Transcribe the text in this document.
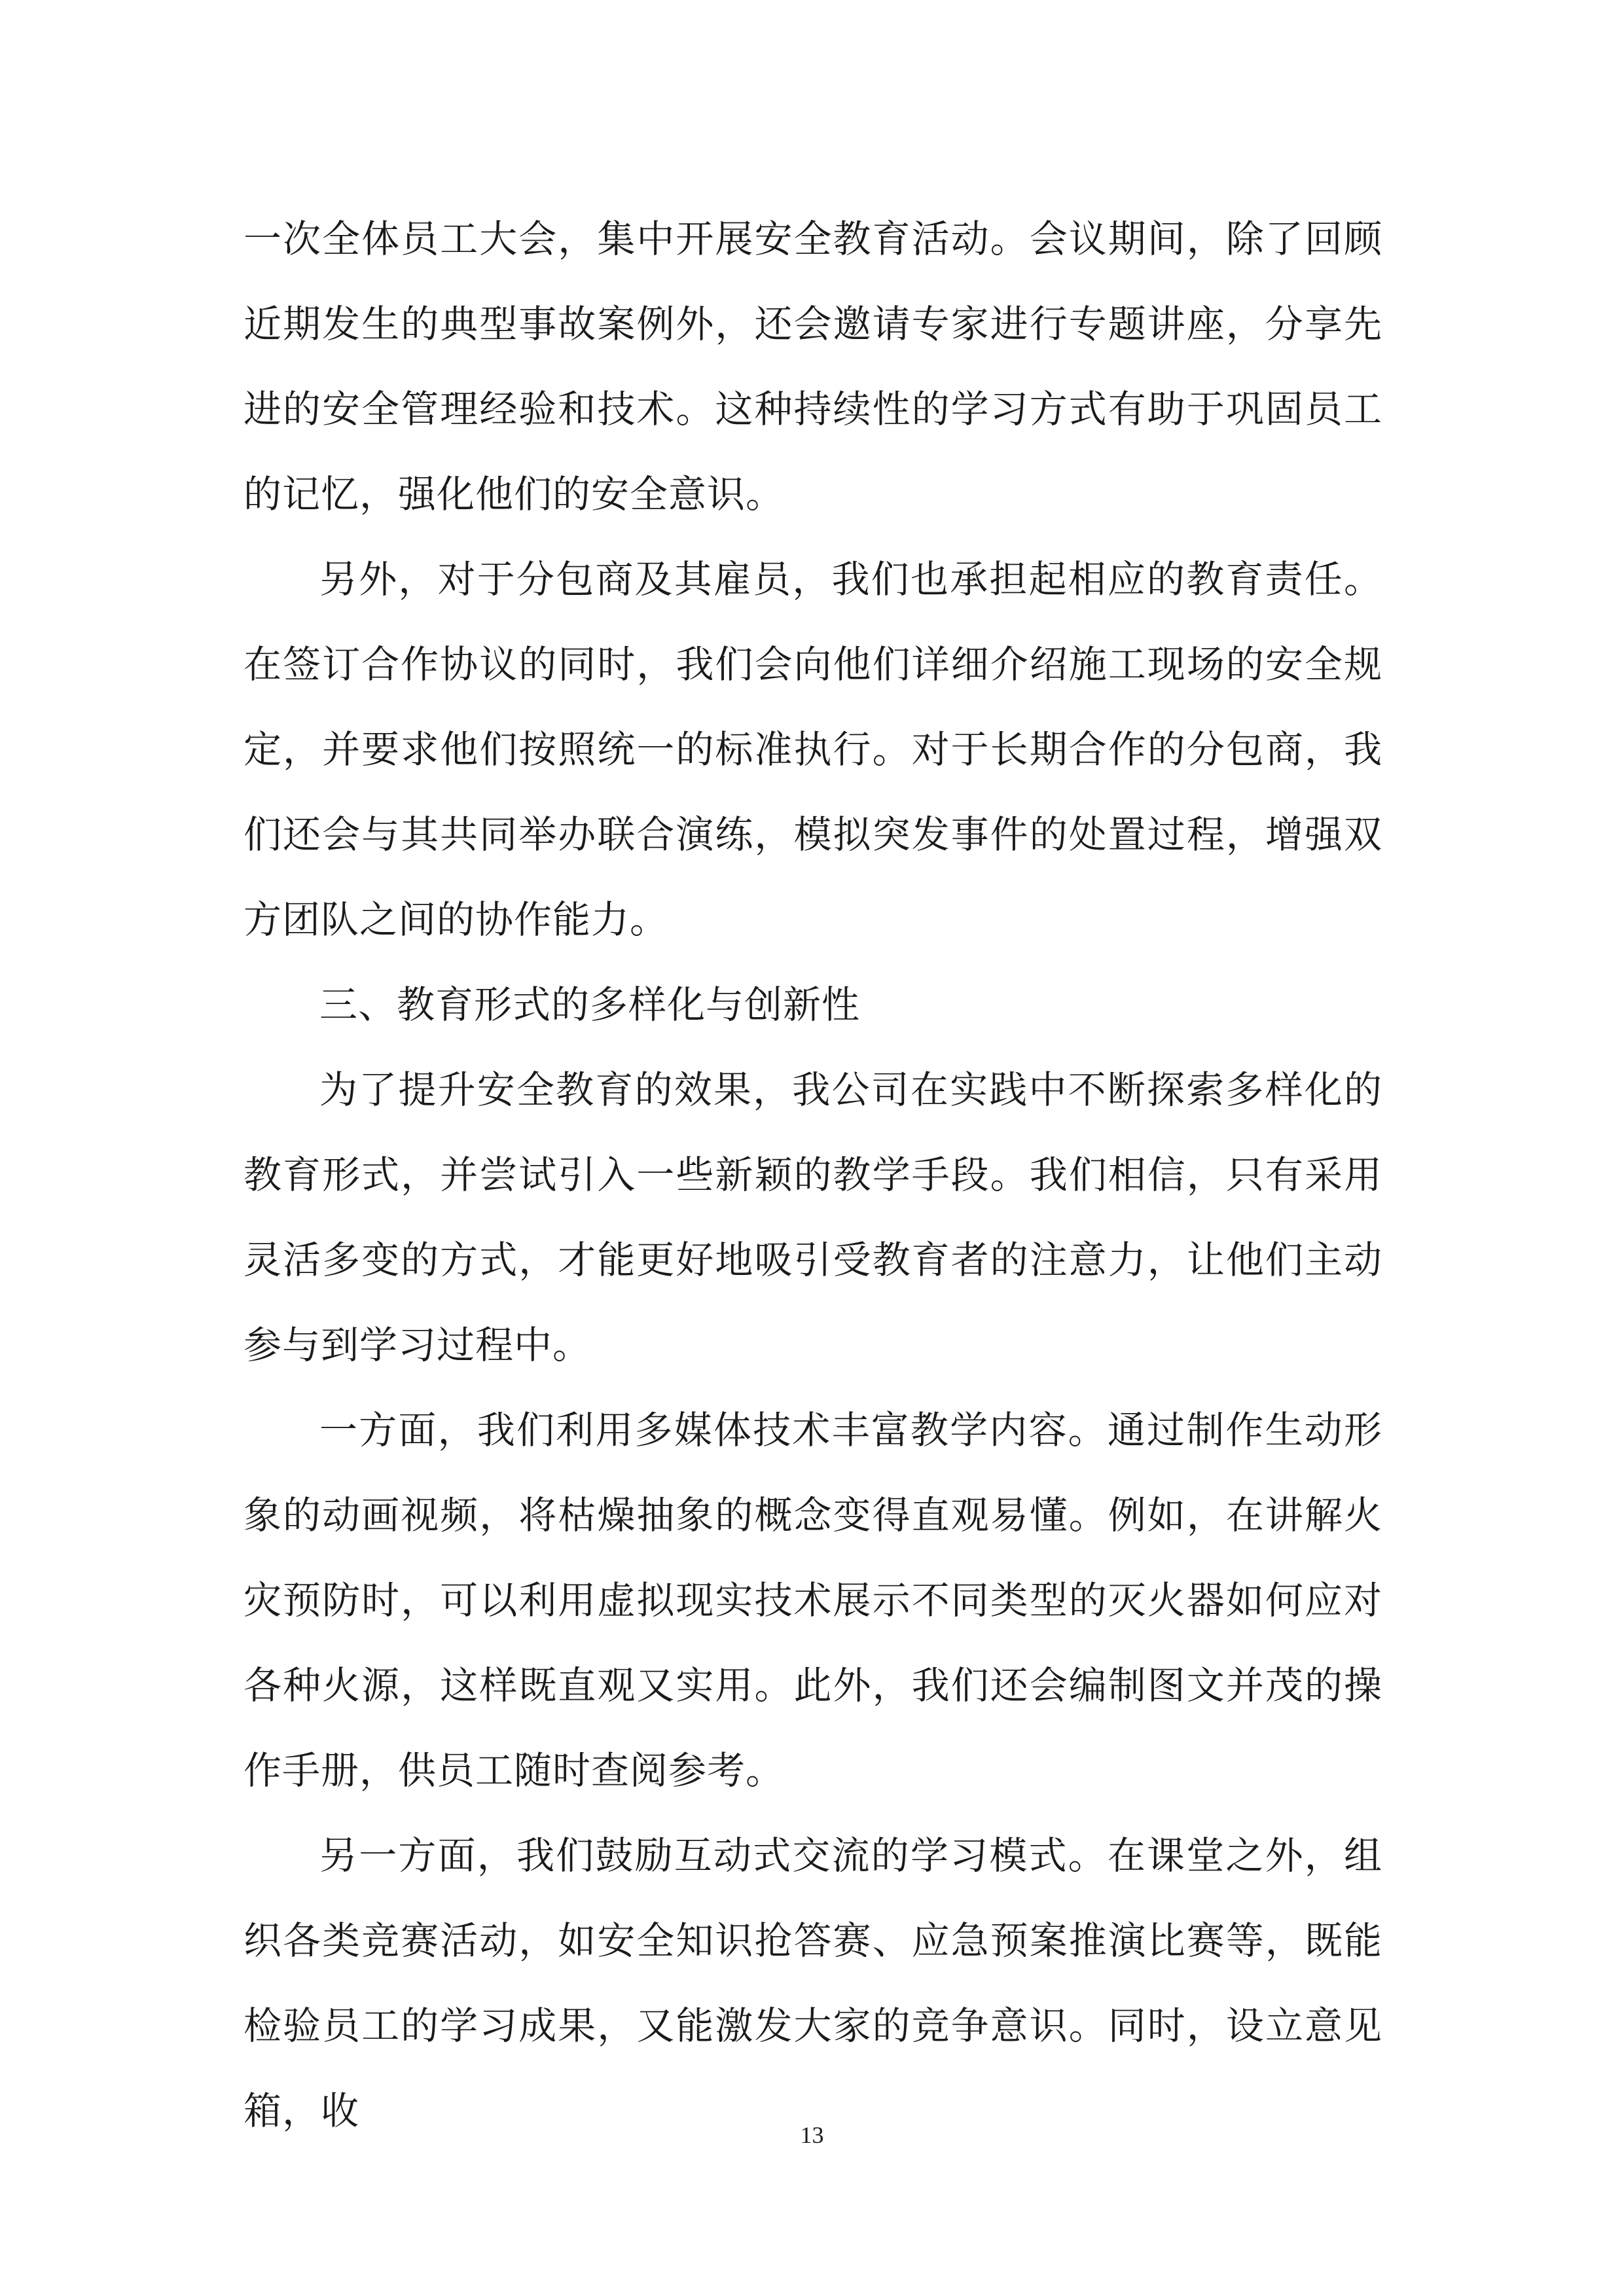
一次全体员工大会，集中开展安全教育活动。会议期间，除了回顾近期发生的典型事故案例外，还会邀请专家进行专题讲座，分享先进的安全管理经验和技术。这种持续性的学习方式有助于巩固员工的记忆，强化他们的安全意识。

另外，对于分包商及其雇员，我们也承担起相应的教育责任。在签订合作协议的同时，我们会向他们详细介绍施工现场的安全规定，并要求他们按照统一的标准执行。对于长期合作的分包商，我们还会与其共同举办联合演练，模拟突发事件的处置过程，增强双方团队之间的协作能力。

三、教育形式的多样化与创新性

为了提升安全教育的效果，我公司在实践中不断探索多样化的教育形式，并尝试引入一些新颖的教学手段。我们相信，只有采用灵活多变的方式，才能更好地吸引受教育者的注意力，让他们主动参与到学习过程中。

一方面，我们利用多媒体技术丰富教学内容。通过制作生动形象的动画视频，将枯燥抽象的概念变得直观易懂。例如，在讲解火灾预防时，可以利用虚拟现实技术展示不同类型的灭火器如何应对各种火源，这样既直观又实用。此外，我们还会编制图文并茂的操作手册，供员工随时查阅参考。

另一方面，我们鼓励互动式交流的学习模式。在课堂之外，组织各类竞赛活动，如安全知识抢答赛、应急预案推演比赛等，既能检验员工的学习成果，又能激发大家的竞争意识。同时，设立意见箱，收

13
